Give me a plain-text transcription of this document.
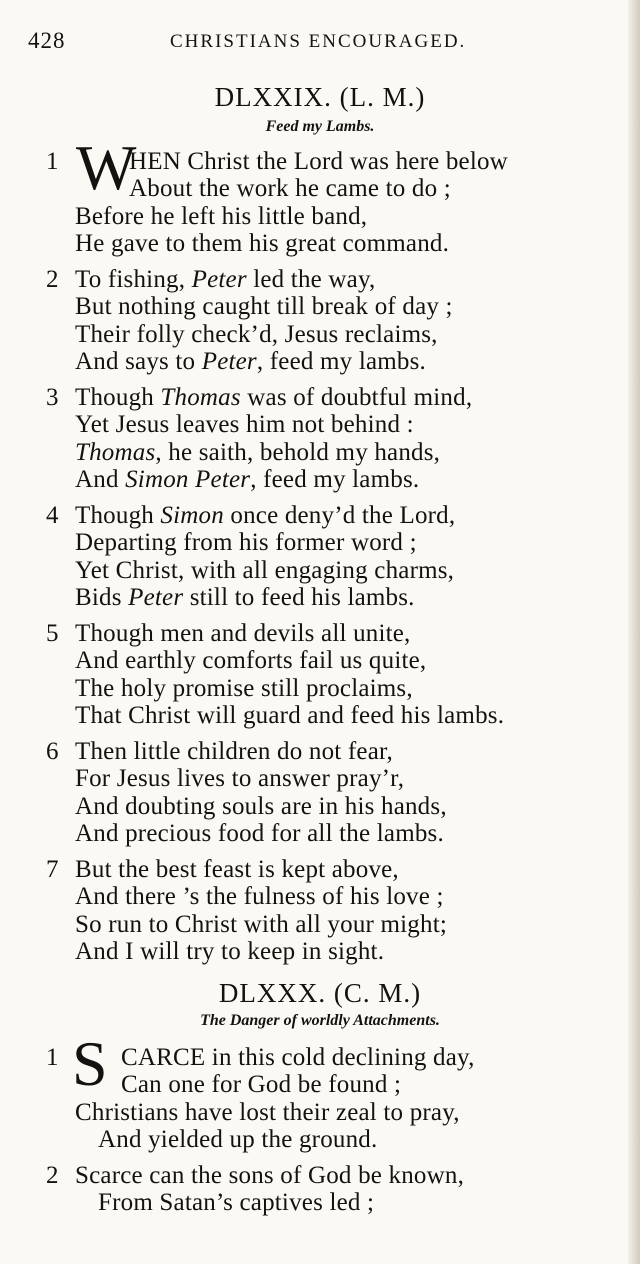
428	CHRISTIANS ENCOURAGED.
DLXXIX. (L. M.)
Feed my Lambs.
W
1	HEN Christ the Lord was here below
About the work he came to do ;
Before he left his little band,
He gave to them his great command.
2 To fishing, Peter led the way,
But nothing caught till break of day ;
Their folly check’d, Jesus reclaims,
And says to Peter, feed my lambs.
3 Though Thomas was of doubtful mind,
Yet Jesus leaves him not behind :
Thomas, he saith, behold my hands,
And Simon Peter, feed my lambs.
4 Though Simon once deny’d the Lord,
Departing from his former word ;
Yet Christ, with all engaging charms,
Bids Peter still to feed his lambs.
5 Though men and devils all unite,
And earthly comforts fail us quite,
The holy promise still proclaims,
That Christ will guard and feed his lambs.
6 Then little children do not fear,
For Jesus lives to answer pray’r,
And doubting souls are in his hands,
And precious food for all the lambs.
7 But the best feast is kept above,
And there ’s the fulness of his love ;
So run to Christ with all your might;
And I will try to keep in sight.
DLXXX. (C. M.)
The Danger of worldly Attachments.
S
1	CARCE in this cold declining day,
Can one for God be found ;
Christians have lost their zeal to pray,
And yielded up the ground.
2 Scarce can the sons of God be known,
From Satan’s captives led ;
